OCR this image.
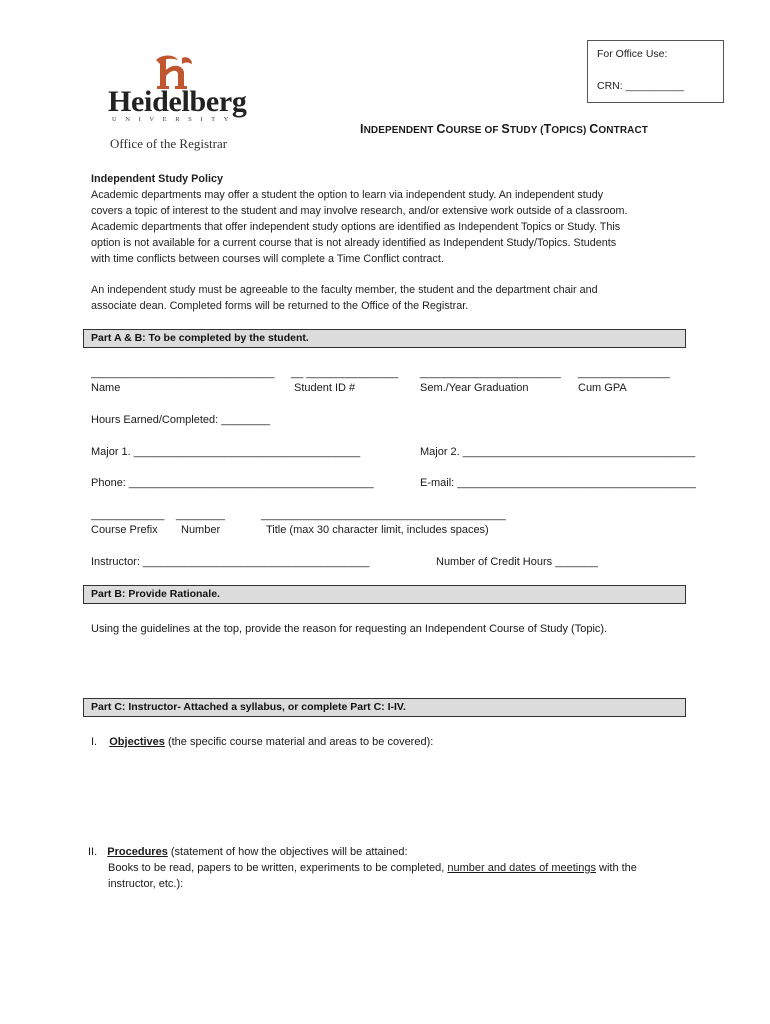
For Office Use:
CRN: __________
Heidelberg
UNIVERSITY
Office of the Registrar
INDEPENDENT COURSE OF STUDY (TOPICS) CONTRACT
Independent Study Policy
Academic departments may offer a student the option to learn via independent study. An independent study
covers a topic of interest to the student and may involve research, and/or extensive work outside of a classroom.
Academic departments that offer independent study options are identified as Independent Topics or Study. This
option is not available for a current course that is not already identified as Independent Study/Topics. Students
with time conflicts between courses will complete a Time Conflict contract.
An independent study must be agreeable to the faculty member, the student and the department chair and
associate dean. Completed forms will be returned to the Office of the Registrar.
Part A & B: To be completed by the student.
______________________________ __ _______________ _______________________ _______________
Name	Student ID #	Sem./Year Graduation	Cum GPA
Hours Earned/Completed: ________
Major 1. _____________________________________	Major 2. ______________________________________
Phone: ________________________________________	E-mail: _______________________________________
____________ ________	________________________________________
Course Prefix Number	Title (max 30 character limit, includes spaces)
Instructor: _____________________________________	Number of Credit Hours _______
Part B: Provide Rationale.
Using the guidelines at the top, provide the reason for requesting an Independent Course of Study (Topic).
Part C: Instructor- Attached a syllabus, or complete Part C: I-IV.
I. Objectives (the specific course material and areas to be covered):
II. Procedures (statement of how the objectives will be attained:
Books to be read, papers to be written, experiments to be completed, number and dates of meetings with the
instructor, etc.):
